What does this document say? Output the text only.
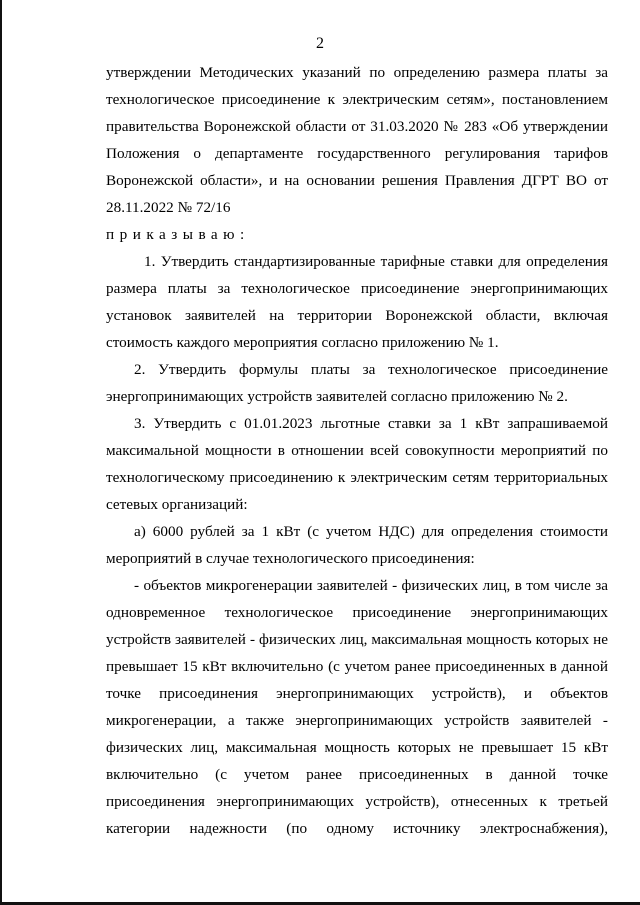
2
утверждении Методических указаний по определению размера платы за
технологическое присоединение к электрическим сетям», постановлением
правительства Воронежской области от 31.03.2020 № 283 «Об утверждении
Положения о департаменте государственного регулирования тарифов
Воронежской области», и на основании решения Правления ДГРТ ВО от
28.11.2022 № 72/16
приказываю:
1. Утвердить стандартизированные тарифные ставки для определения
размера платы за технологическое присоединение энергопринимающих
установок заявителей на территории Воронежской области, включая
стоимость каждого мероприятия согласно приложению № 1.
2. Утвердить формулы платы за технологическое присоединение
энергопринимающих устройств заявителей согласно приложению № 2.
3. Утвердить с 01.01.2023 льготные ставки за 1 кВт запрашиваемой
максимальной мощности в отношении всей совокупности мероприятий по
технологическому присоединению к электрическим сетям территориальных
сетевых организаций:
а) 6000 рублей за 1 кВт (с учетом НДС) для определения стоимости
мероприятий в случае технологического присоединения:
- объектов микрогенерации заявителей - физических лиц, в том числе за
одновременное технологическое присоединение энергопринимающих
устройств заявителей - физических лиц, максимальная мощность которых не
превышает 15 кВт включительно (с учетом ранее присоединенных в данной
точке присоединения энергопринимающих устройств), и объектов
микрогенерации, а также энергопринимающих устройств заявителей -
физических лиц, максимальная мощность которых не превышает 15 кВт
включительно (с учетом ранее присоединенных в данной точке
присоединения энергопринимающих устройств), отнесенных к третьей
категории надежности (по одному источнику электроснабжения),
